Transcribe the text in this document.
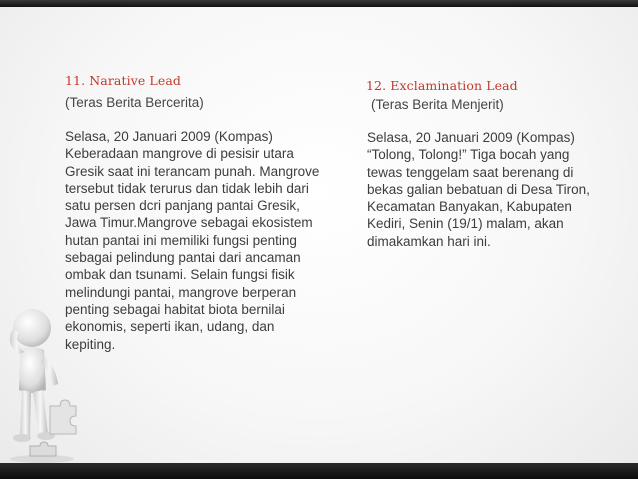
11. Narative Lead
(Teras Berita Bercerita)
Selasa, 20 Januari 2009 (Kompas)
Keberadaan mangrove di pesisir utara
Gresik saat ini terancam punah. Mangrove
tersebut tidak terurus dan tidak lebih dari
satu persen dcri panjang pantai Gresik,
Jawa Timur.Mangrove sebagai ekosistem
hutan pantai ini memiliki fungsi penting
sebagai pelindung pantai dari ancaman
ombak dan tsunami. Selain fungsi fisik
melindungi pantai, mangrove berperan
penting sebagai habitat biota bernilai
ekonomis, seperti ikan, udang, dan
kepiting.
12. Exclamination Lead
(Teras Berita Menjerit)
Selasa, 20 Januari 2009 (Kompas)
“Tolong, Tolong!” Tiga bocah yang
tewas tenggelam saat berenang di
bekas galian bebatuan di Desa Tiron,
Kecamatan Banyakan, Kabupaten
Kediri, Senin (19/1) malam, akan
dimakamkan hari ini.
